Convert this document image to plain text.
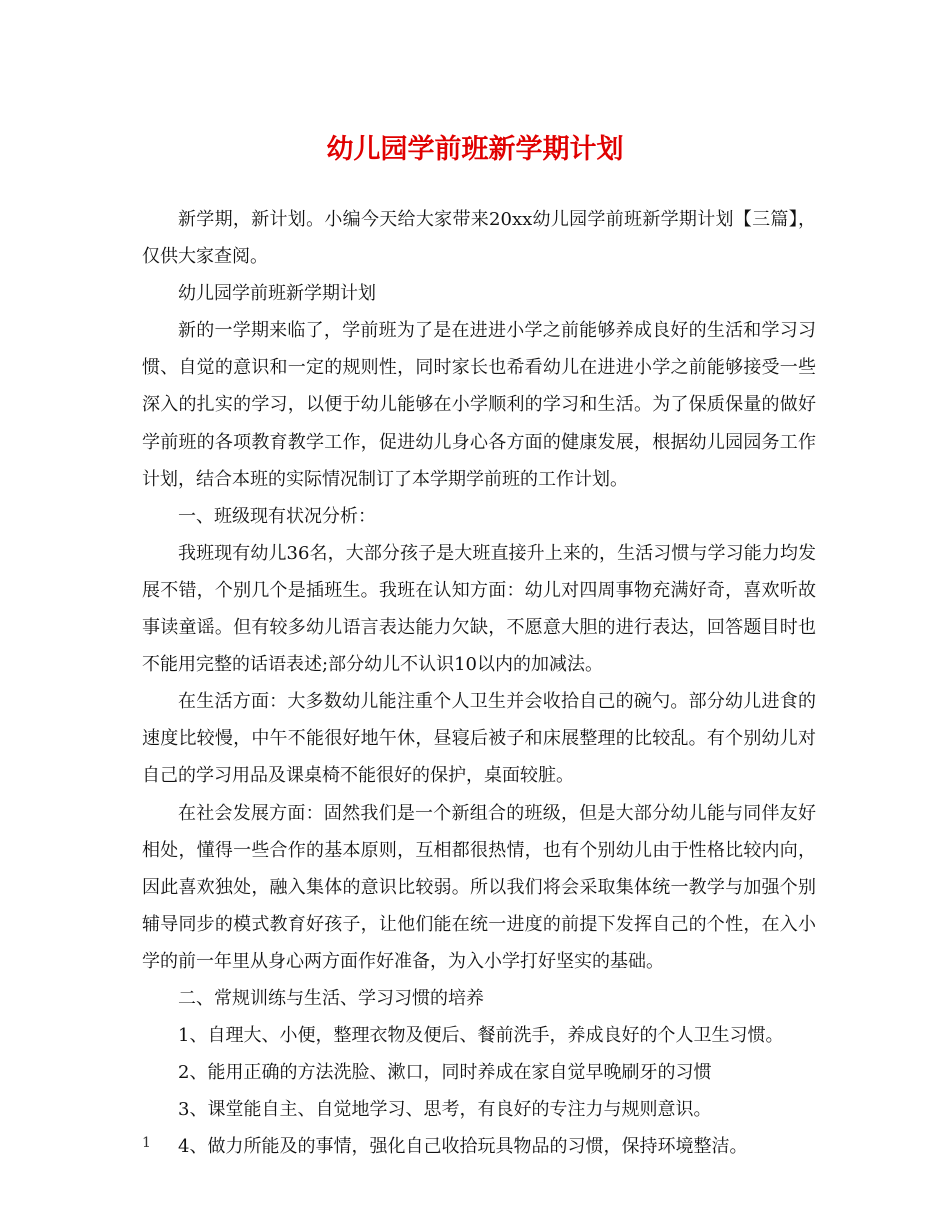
幼儿园学前班新学期计划

新学期，新计划。小编今天给大家带来20xx幼儿园学前班新学期计划【三篇】，仅供大家查阅。

幼儿园学前班新学期计划

新的一学期来临了，学前班为了是在进进小学之前能够养成良好的生活和学习习惯、自觉的意识和一定的规则性，同时家长也希看幼儿在进进小学之前能够接受一些深入的扎实的学习，以便于幼儿能够在小学顺利的学习和生活。为了保质保量的做好学前班的各项教育教学工作，促进幼儿身心各方面的健康发展，根据幼儿园园务工作计划，结合本班的实际情况制订了本学期学前班的工作计划。

一、班级现有状况分析：

我班现有幼儿36名，大部分孩子是大班直接升上来的，生活习惯与学习能力均发展不错，个别几个是插班生。我班在认知方面：幼儿对四周事物充满好奇，喜欢听故事读童谣。但有较多幼儿语言表达能力欠缺，不愿意大胆的进行表达，回答题目时也不能用完整的话语表述;部分幼儿不认识10以内的加减法。

在生活方面：大多数幼儿能注重个人卫生并会收拾自己的碗勺。部分幼儿进食的速度比较慢，中午不能很好地午休，昼寝后被子和床展整理的比较乱。有个别幼儿对自己的学习用品及课桌椅不能很好的保护，桌面较脏。

在社会发展方面：固然我们是一个新组合的班级，但是大部分幼儿能与同伴友好相处，懂得一些合作的基本原则，互相都很热情，也有个别幼儿由于性格比较内向，因此喜欢独处，融入集体的意识比较弱。所以我们将会采取集体统一教学与加强个别辅导同步的模式教育好孩子，让他们能在统一进度的前提下发挥自己的个性，在入小学的前一年里从身心两方面作好准备，为入小学打好坚实的基础。

二、常规训练与生活、学习习惯的培养

1、自理大、小便，整理衣物及便后、餐前洗手，养成良好的个人卫生习惯。

2、能用正确的方法洗脸、漱口，同时养成在家自觉早晚刷牙的习惯

3、课堂能自主、自觉地学习、思考，有良好的专注力与规则意识。

4、做力所能及的事情，强化自己收拾玩具物品的习惯，保持环境整洁。

1
